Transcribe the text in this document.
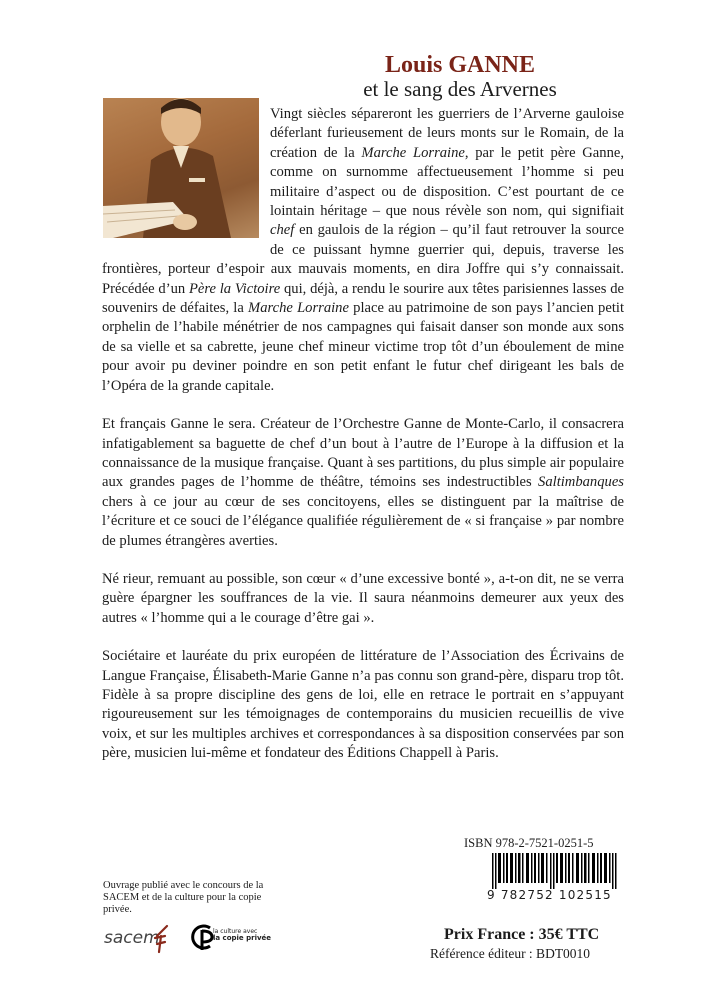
Louis GANNE
et le sang des Arvernes

Vingt siècles sépareront les guerriers de l’Arverne gauloise déferlant furieusement de leurs monts sur le Romain, de la création de la Marche Lorraine, par le petit père Ganne, comme on surnomme affectueusement l’homme si peu militaire d’aspect ou de disposition. C’est pourtant de ce lointain héritage – que nous révèle son nom, qui signifiait chef en gaulois de la région – qu’il faut retrouver la source de ce puissant hymne guerrier qui, depuis, traverse les frontières, porteur d’espoir aux mauvais moments, en dira Joffre qui s’y connaissait. Précédée d’un Père la Victoire qui, déjà, a rendu le sourire aux têtes parisiennes lasses de souvenirs de défaites, la Marche Lorraine place au patrimoine de son pays l’ancien petit orphelin de l’habile ménétrier de nos campagnes qui faisait danser son monde aux sons de sa vielle et sa cabrette, jeune chef mineur victime trop tôt d’un éboulement de mine pour avoir pu deviner poindre en son petit enfant le futur chef dirigeant les bals de l’Opéra de la grande capitale.

Et français Ganne le sera. Créateur de l’Orchestre Ganne de Monte-Carlo, il consacrera infatigablement sa baguette de chef d’un bout à l’autre de l’Europe à la diffusion et la connaissance de la musique française. Quant à ses partitions, du plus simple air populaire aux grandes pages de l’homme de théâtre, témoins ses indestructibles Saltimbanques chers à ce jour au cœur de ses concitoyens, elles se distinguent par la maîtrise de l’écriture et ce souci de l’élégance qualifiée régulièrement de « si française » par nombre de plumes étrangères averties.

Né rieur, remuant au possible, son cœur « d’une excessive bonté », a-t-on dit, ne se verra guère épargner les souffrances de la vie. Il saura néanmoins demeurer aux yeux des autres « l’homme qui a le courage d’être gai ».

Sociétaire et lauréate du prix européen de littérature de l’Association des Écrivains de Langue Française, Élisabeth-Marie Ganne n’a pas connu son grand-père, disparu trop tôt. Fidèle à sa propre discipline des gens de loi, elle en retrace le portrait en s’appuyant rigoureusement sur les témoignages de contemporains du musicien recueillis de vive voix, et sur les multiples archives et correspondances à sa disposition conservées par son père, musicien lui-même et fondateur des Éditions Chappell à Paris.

ISBN 978-2-7521-0251-5
9 782752 102515
Prix France : 35€ TTC
Référence éditeur : BDT0010
Ouvrage publié avec le concours de la SACEM et de la culture pour la copie privée.
sacem	la culture avec
la copie privée
